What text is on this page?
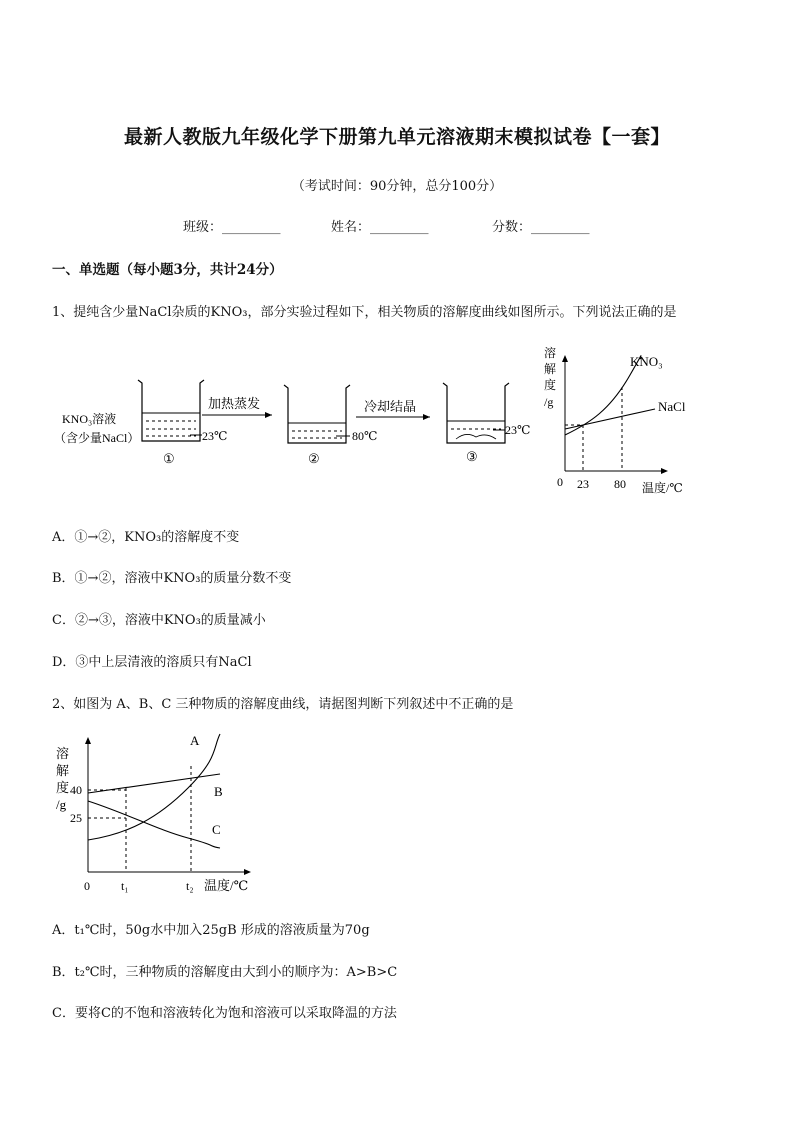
最新人教版九年级化学下册第九单元溶液期末模拟试卷【一套】
（考试时间：90分钟，总分100分）
班级：_________	姓名：_________	分数：_________
一、单选题（每小题3分，共计24分）
1、提纯含少量NaCl杂质的KNO₃，部分实验过程如下，相关物质的溶解度曲线如图所示。下列说法正确的是
KNO₃溶液
（含少量NaCl）	23℃
①
加热蒸发
80℃
②
冷却结晶
23℃
③
溶
解
度
/g
0 23 80 温度/℃
KNO₃
NaCl
A．①→②，KNO₃的溶解度不变
B．①→②，溶液中KNO₃的质量分数不变
C．②→③，溶液中KNO₃的质量减小
D．③中上层清液的溶质只有NaCl
2、如图为 A、B、C 三种物质的溶解度曲线，请据图判断下列叙述中不正确的是
溶
解
度
/g
40
25
0	t₁	t₂ 温度/℃
A
B
C
A．t₁℃时，50g水中加入25gB 形成的溶液质量为70g
B．t₂℃时，三种物质的溶解度由大到小的顺序为：A>B>C
C．要将C的不饱和溶液转化为饱和溶液可以采取降温的方法
